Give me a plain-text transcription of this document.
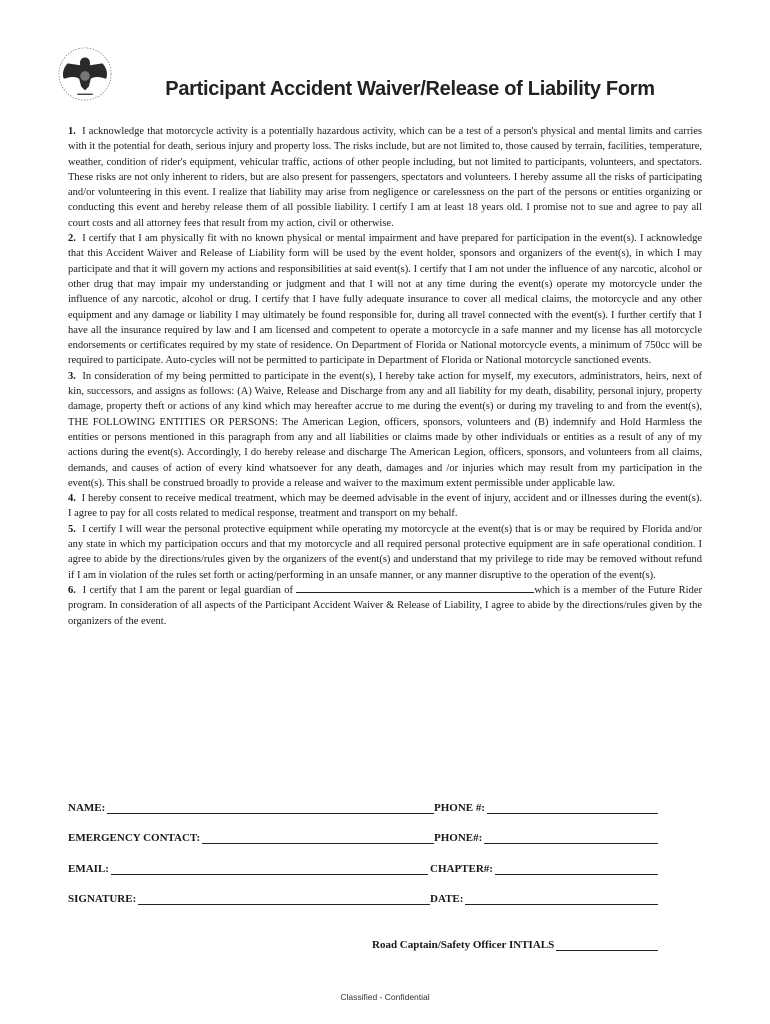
Participant Accident Waiver/Release of Liability Form

1. I acknowledge that motorcycle activity is a potentially hazardous activity, which can be a test of a person's physical and mental limits and carries with it the potential for death, serious injury and property loss. The risks include, but are not limited to, those caused by terrain, facilities, temperature, weather, condition of rider's equipment, vehicular traffic, actions of other people including, but not limited to participants, volunteers, and spectators. These risks are not only inherent to riders, but are also present for passengers, spectators and volunteers. I hereby assume all the risks of participating and/or volunteering in this event. I realize that liability may arise from negligence or carelessness on the part of the persons or entities organizing or conducting this event and hereby release them of all possible liability. I certify I am at least 18 years old. I promise not to sue and agree to pay all court costs and all attorney fees that result from my action, civil or otherwise.

2. I certify that I am physically fit with no known physical or mental impairment and have prepared for participation in the event(s). I acknowledge that this Accident Waiver and Release of Liability form will be used by the event holder, sponsors and organizers of the event(s), in which I may participate and that it will govern my actions and responsibilities at said event(s). I certify that I am not under the influence of any narcotic, alcohol or other drug that may impair my understanding or judgment and that I will not at any time during the event(s) operate my motorcycle under the influence of any narcotic, alcohol or drug. I certify that I have fully adequate insurance to cover all medical claims, the motorcycle and any other equipment and any damage or liability I may ultimately be found responsible for, during all travel connected with the event(s). I further certify that I have all the insurance required by law and I am licensed and competent to operate a motorcycle in a safe manner and my license has all motorcycle endorsements or certificates required by my state of residence. On Department of Florida or National motorcycle events, a minimum of 750cc will be required to participate. Auto-cycles will not be permitted to participate in Department of Florida or National motorcycle sanctioned events.

3. In consideration of my being permitted to participate in the event(s), I hereby take action for myself, my executors, administrators, heirs, next of kin, successors, and assigns as follows: (A) Waive, Release and Discharge from any and all liability for my death, disability, personal injury, property damage, property theft or actions of any kind which may hereafter accrue to me during the event(s) or during my traveling to and from the event(s), THE FOLLOWING ENTITIES OR PERSONS: The American Legion, officers, sponsors, volunteers and (B) indemnify and Hold Harmless the entities or persons mentioned in this paragraph from any and all liabilities or claims made by other individuals or entities as a result of any of my actions during the event(s). Accordingly, I do hereby release and discharge The American Legion, officers, sponsors, and volunteers from all claims, demands, and causes of action of every kind whatsoever for any death, damages and /or injuries which may result from my participation in the event(s). This shall be construed broadly to provide a release and waiver to the maximum extent permissible under applicable law.

4. I hereby consent to receive medical treatment, which may be deemed advisable in the event of injury, accident and or illnesses during the event(s). I agree to pay for all costs related to medical response, treatment and transport on my behalf.

5. I certify I will wear the personal protective equipment while operating my motorcycle at the event(s) that is or may be required by Florida and/or any state in which my participation occurs and that my motorcycle and all required personal protective equipment are in safe operational condition. I agree to abide by the directions/rules given by the organizers of the event(s) and understand that my privilege to ride may be removed without refund if I am in violation of the rules set forth or acting/performing in an unsafe manner, or any manner disruptive to the operation of the event(s).

6. I certify that I am the parent or legal guardian of	which is a member of the Future Rider program. In consideration of all aspects of the Participant Accident Waiver & Release of Liability, I agree to abide by the directions/rules given by the organizers of the event.

NAME:	PHONE #:
EMERGENCY CONTACT:	PHONE#:
EMAIL:	CHAPTER#:
SIGNATURE:	DATE:
Road Captain/Safety Officer INTIALS
Classified - Confidential
